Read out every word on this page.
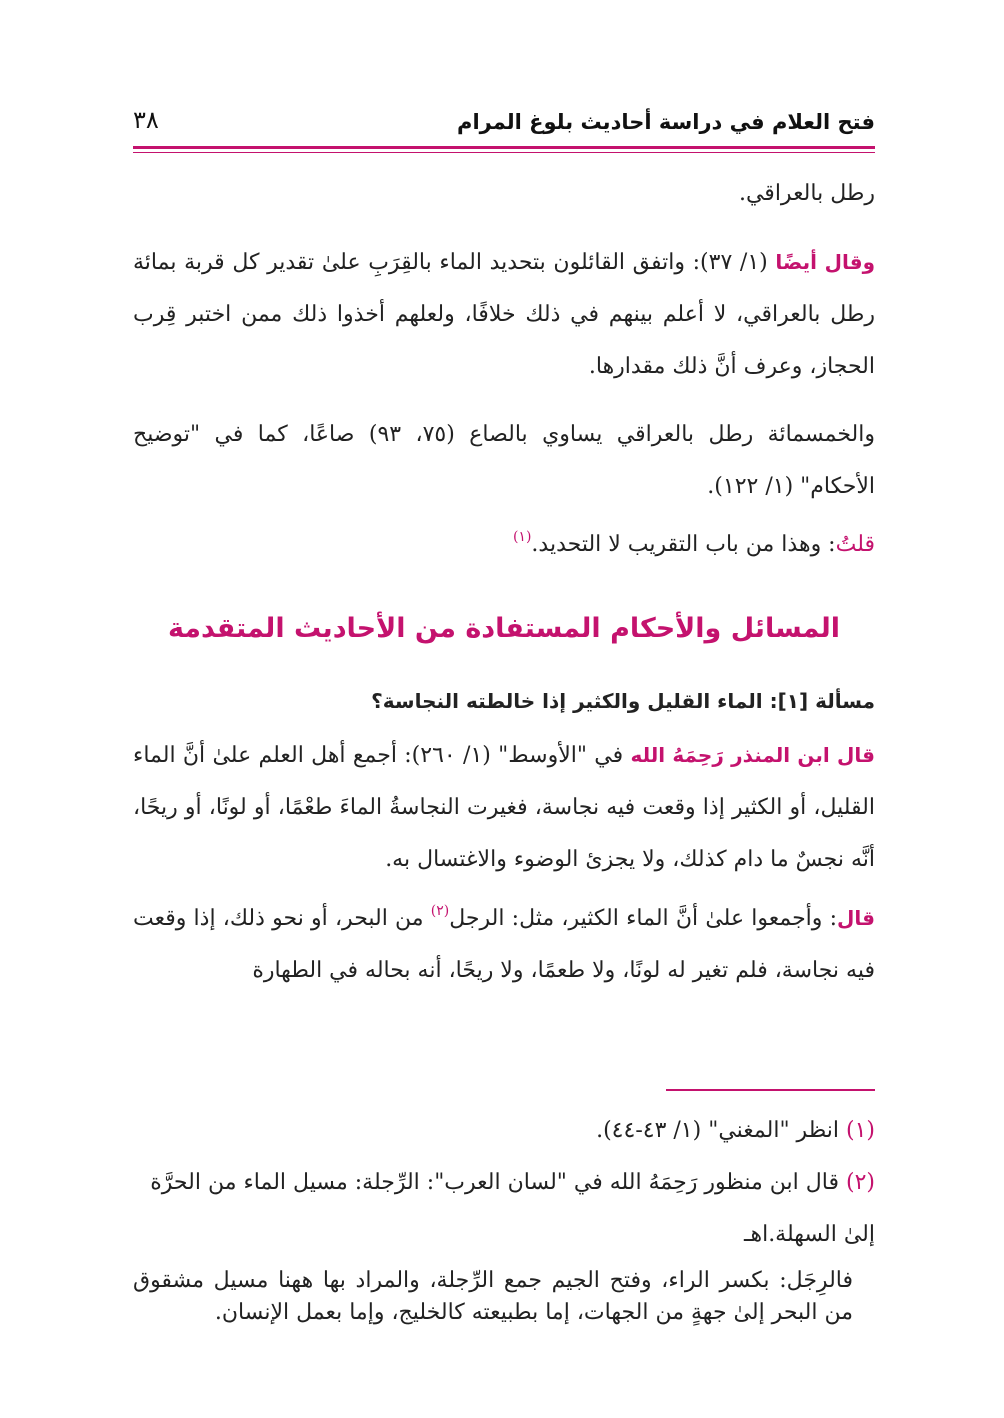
فتح العلام في دراسة أحاديث بلوغ المرام
٣٨

رطل بالعراقي.

وقال أيضًا (١/ ٣٧): واتفق القائلون بتحديد الماء بالقِرَبِ علىٰ تقدير كل قربة بمائة رطل بالعراقي، لا أعلم بينهم في ذلك خلافًا، ولعلهم أخذوا ذلك ممن اختبر قِرب الحجاز، وعرف أنَّ ذلك مقدارها.

والخمسمائة رطل بالعراقي يساوي بالصاع (٧٥، ٩٣) صاعًا، كما في "توضيح الأحكام" (١/ ١٢٢).

قلتُ: وهذا من باب التقريب لا التحديد.$^{(١)}$

المسائل والأحكام المستفادة من الأحاديث المتقدمة
مسألة [١]: الماء القليل والكثير إذا خالطته النجاسة؟

قال ابن المنذر رَحِمَهُ الله في "الأوسط" (١/ ٢٦٠): أجمع أهل العلم علىٰ أنَّ الماء القليل، أو الكثير إذا وقعت فيه نجاسة، فغيرت النجاسةُ الماءَ طعْمًا، أو لونًا، أو ريحًا، أنَّه نجسٌ ما دام كذلك، ولا يجزئ الوضوء والاغتسال به.

قال: وأجمعوا علىٰ أنَّ الماء الكثير، مثل: الرجل$^{(٢)}$ من البحر، أو نحو ذلك، إذا وقعت فيه نجاسة، فلم تغير له لونًا، ولا طعمًا، ولا ريحًا، أنه بحاله في الطهارة

(١) انظر "المغني" (١/ ٤٣-٤٤).

(٢) قال ابن منظور رَحِمَهُ الله في "لسان العرب": الرِّجلة: مسيل الماء من الحرَّة إلىٰ السهلة.اهـ

فالرِجَل: بكسر الراء، وفتح الجيم جمع الرِّجلة، والمراد بها ههنا مسيل مشقوق من البحر إلىٰ جهةٍ من الجهات، إما بطبيعته كالخليج، وإما بعمل الإنسان.
